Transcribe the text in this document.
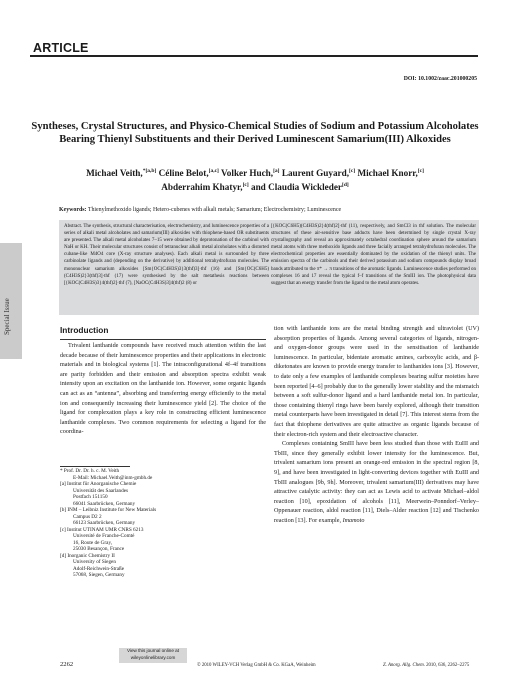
ARTICLE
DOI: 10.1002/zaac.201000205
Syntheses, Crystal Structures, and Physico-Chemical Studies of Sodium and Potassium Alcoholates Bearing Thienyl Substituents and their Derived Luminescent Samarium(III) Alkoxides
Michael Veith,$^{*[a,b]}$ Céline Belot,[a,c] Volker Huch,[a] Laurent Guyard,[c] Michael Knorr,[c]
Abderrahim Khatyr,[c] and Claudia Wickleder[d]
Keywords: Thienylmethoxido ligands; Hetero-cubenes with alkali metals; Samarium; Electrochemistry; Luminescence

Abstract. The synthesis, structural characterisation, electrochemistry, and luminescence properties of a series of alkali metal alcoholates and samarium(III) alkoxides with thiophene-based OR substituents are presented. The alkali metal alcoholates 7–15 were obtained by deprotonation of the carbinol with NaH or KH. Their molecular structures consist of tetranuclear alkali metal alcoholates with a distorted cubane-like M4O4 core (X-ray structure analyses). Each alkali metal is surrounded by three carbinolate ligands and (depending on the derivative) by additional tetrahydrofuran molecules. The mononuclear samarium alkoxides [Sm{OC(C4H3S)3}3(thf)3]·thf (16) and [Sm{OC(C6H5)(C4H3S)2}3(thf)3]·thf (17) were synthesised by the salt metathesis reactions between [{KOC(C4H3S)3}4(thf)2]·thf (7), [NaOC(C4H3S)3]4(thf)2 (8) or

[{KOC(C6H5)(C4H3S)2}4(thf)2]·thf (11), respectively, and SmCl3 in thf solution. The molecular structures of these air-sensitive base adducts have been determined by single crystal X-ray crystallography and reveal an approximately octahedral coordination sphere around the samarium metal atoms with three methoxido ligands and three facially arranged tetrahydrofuran molecules. The electrochemical properties are essentially dominated by the oxidation of the thienyl units. The emission spectra of the carbinols and their derived potassium and sodium compounds display broad bands attributed to the π* → π transitions of the aromatic ligands. Luminescence studies performed on complexes 16 and 17 reveal the typical f–f transitions of the SmIII ion. The photophysical data suggest that an energy transfer from the ligand to the metal atom operates.

Special Issue	Introduction

Trivalent lanthanide compounds have received much attention within the last decade because of their luminescence properties and their applications in electronic materials and in biological systems [1]. The intraconfigurational 4f–4f transitions are parity forbidden and their emission and absorption spectra exhibit weak intensity upon an excitation on the lanthanide ion. However, some organic ligands can act as an “antenna”, absorbing and transferring energy efficiently to the metal ion and consequently increasing their luminescence yield [2]. The choice of the ligand for complexation plays a key role in constructing efficient luminescence lanthanide complexes. Two common requirements for selecting a ligand for the coordina-

* Prof. Dr. Dr. h. c. M. Veith
E-Mail: Michael.Veith@inm-gmbh.de
[a] Institut für Anorganische Chemie
Universität des Saarlandes
Postfach 151150
66041 Saarbrücken, Germany
[b] INM – Leibniz Institute for New Materials
Campus D2 2
66123 Saarbrücken, Germany
[c] Institut UTINAM UMR CNRS 6213
Université de Franche-Comté
16, Route de Gray,
25030 Besançon, France
[d] Inorganic Chemistry II
University of Siegen
Adolf-Reichwein-Straße
57068, Siegen, Germany

tion with lanthanide ions are the metal binding strength and ultraviolet (UV) absorption properties of ligands. Among several categories of ligands, nitrogen- and oxygen-donor groups were used in the sensitisation of lanthanide luminescence. In particular, bidentate aromatic amines, carboxylic acids, and β-diketonates are known to provide energy transfer to lanthanides ions [3]. However, to date only a few examples of lanthanide complexes bearing sulfur moieties have been reported [4–6] probably due to the generally lower stability and the mismatch between a soft sulfur-donor ligand and a hard lanthanide metal ion. In particular, those containing thienyl rings have been barely explored, although their transition metal counterparts have been investigated in detail [7]. This interest stems from the fact that thiophene derivatives are quite attractive as organic ligands because of their electron-rich system and their electroactive character.

Complexes containing SmIII have been less studied than those with EuIII and TbIII, since they generally exhibit lower intensity for the luminescence. But, trivalent samarium ions present an orange-red emission in the spectral region [8, 9], and have been investigated in light-converting devices together with EuIII and TbIII analogues [9b, 9h]. Moreover, trivalent samarium(III) derivatives may have attractive catalytic activity: they can act as Lewis acid to activate Michael–aldol reaction [10], epoxidation of alcohols [11], Meerwein–Ponndorf–Verley–Oppenauer reaction, aldol reaction [11], Diels–Alder reaction [12] and Tischenko reaction [13]. For example, Imamoto

View this journal online at
wileyonlinelibrary.com
2262	© 2010 WILEY-VCH Verlag GmbH & Co. KGaA, Weinheim	Z. Anorg. Allg. Chem. 2010, 636, 2262–2275
